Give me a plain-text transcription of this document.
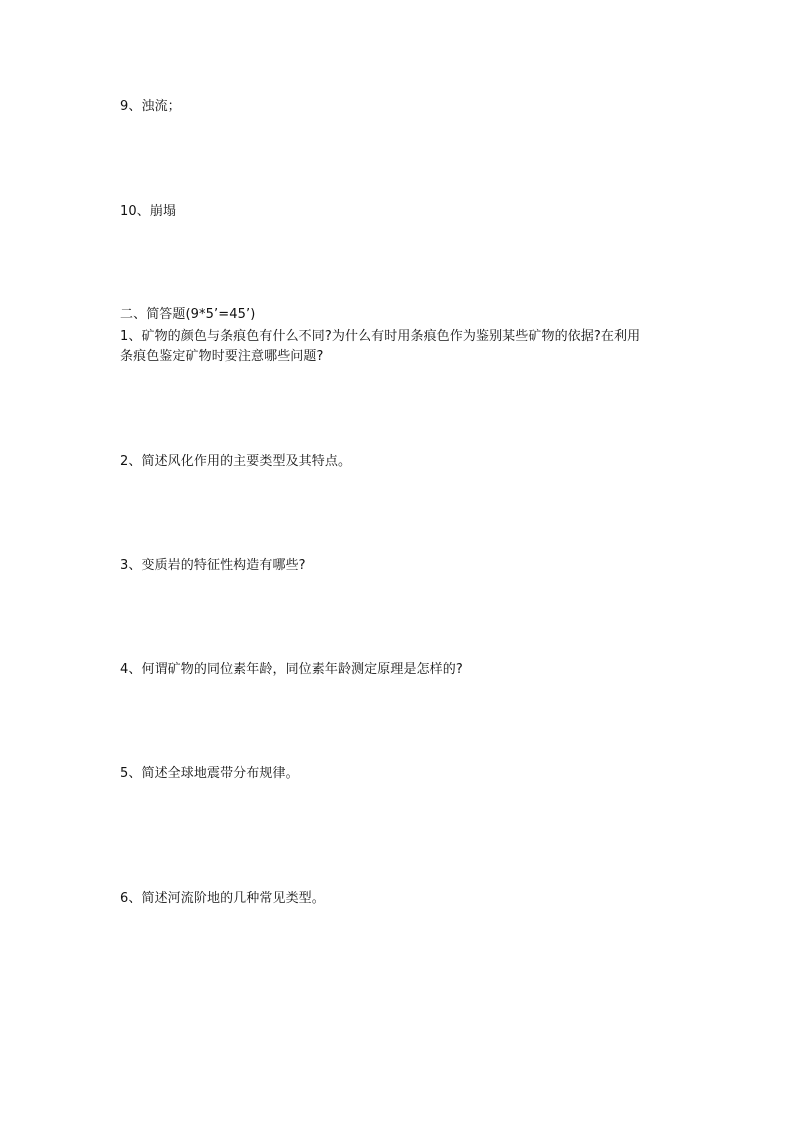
9、浊流；
10、崩塌
二、简答题(9*5’=45’)
1、矿物的颜色与条痕色有什么不同?为什么有时用条痕色作为鉴别某些矿物的依据?在利用
条痕色鉴定矿物时要注意哪些问题?
2、简述风化作用的主要类型及其特点。
3、变质岩的特征性构造有哪些?
4、何谓矿物的同位素年龄，同位素年龄测定原理是怎样的?
5、简述全球地震带分布规律。
6、简述河流阶地的几种常见类型。
